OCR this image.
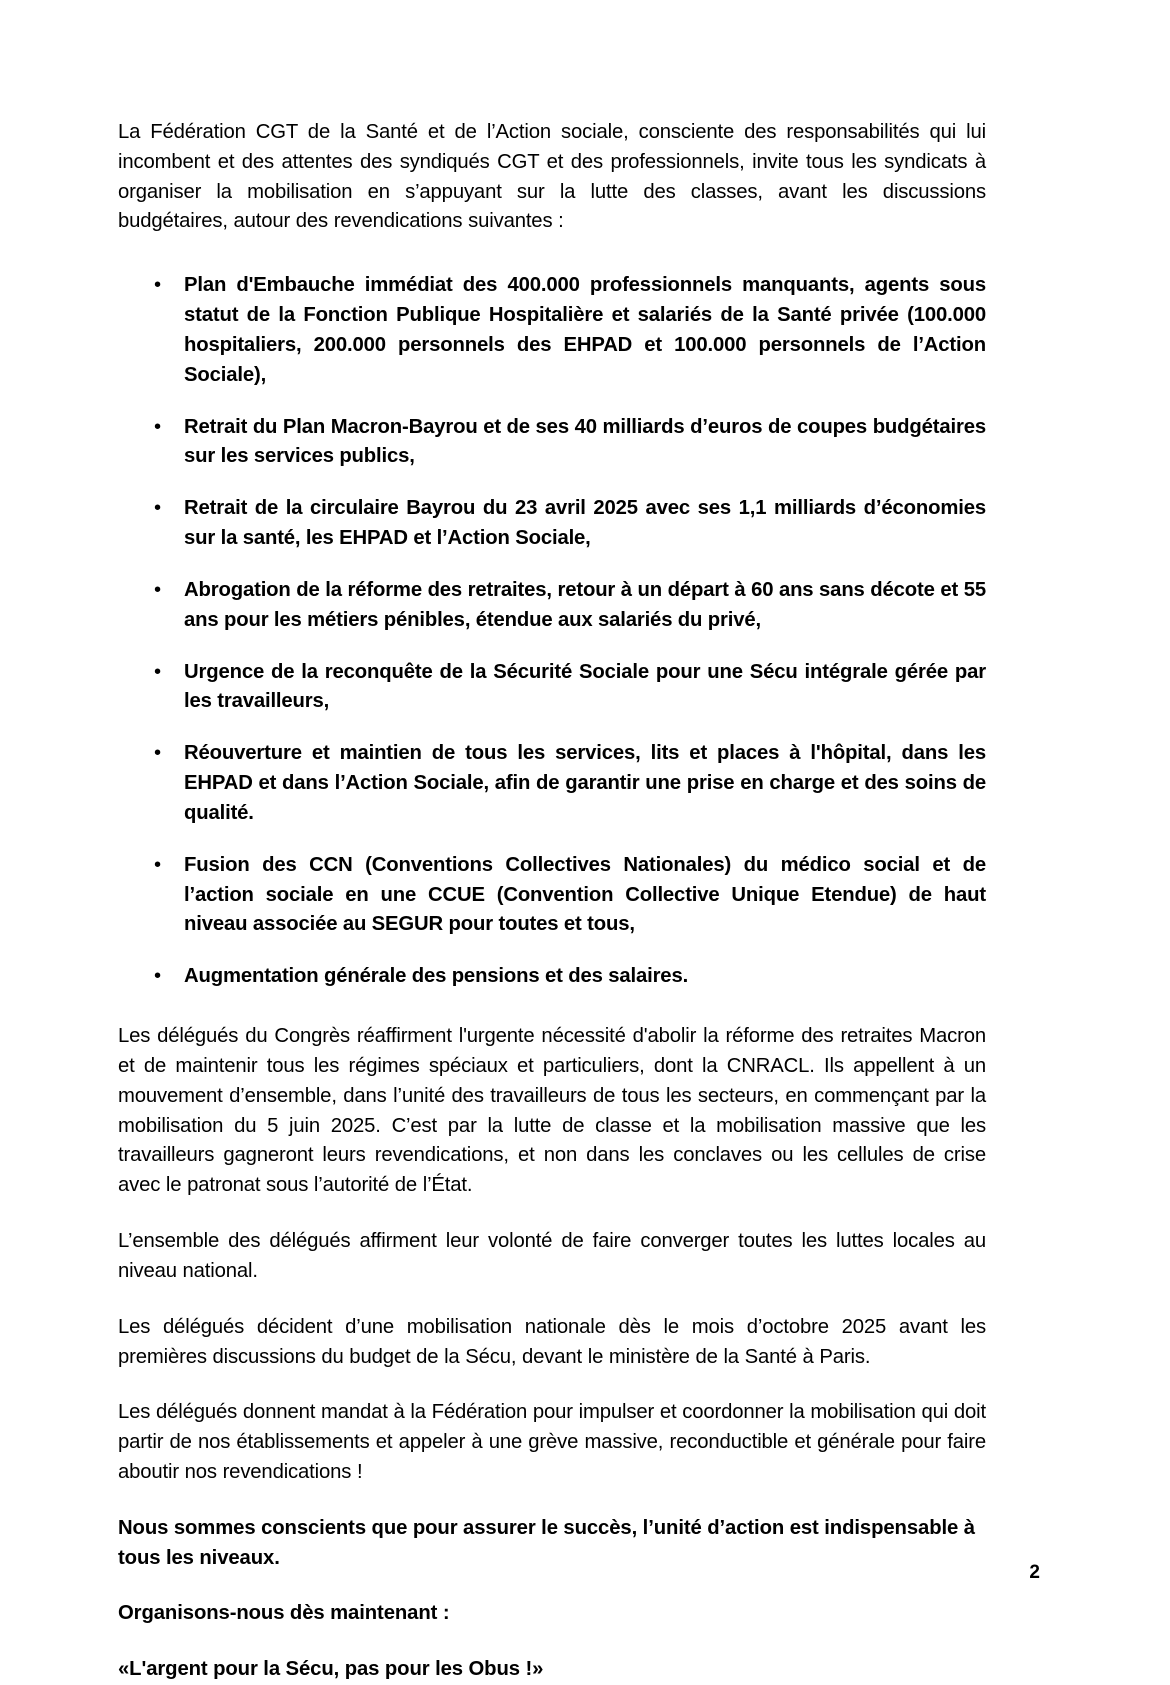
La Fédération CGT de la Santé et de l’Action sociale, consciente des responsabilités qui lui incombent et des attentes des syndiqués CGT et des professionnels, invite tous les syndicats à organiser la mobilisation en s’appuyant sur la lutte des classes, avant les discussions budgétaires, autour des revendications suivantes :

• Plan d'Embauche immédiat des 400.000 professionnels manquants, agents sous statut de la Fonction Publique Hospitalière et salariés de la Santé privée (100.000 hospitaliers, 200.000 personnels des EHPAD et 100.000 personnels de l’Action Sociale),
• Retrait du Plan Macron-Bayrou et de ses 40 milliards d’euros de coupes budgétaires sur les services publics,
• Retrait de la circulaire Bayrou du 23 avril 2025 avec ses 1,1 milliards d’économies sur la santé, les EHPAD et l’Action Sociale,
• Abrogation de la réforme des retraites, retour à un départ à 60 ans sans décote et 55 ans pour les métiers pénibles, étendue aux salariés du privé,
• Urgence de la reconquête de la Sécurité Sociale pour une Sécu intégrale gérée par les travailleurs,
• Réouverture et maintien de tous les services, lits et places à l'hôpital, dans les EHPAD et dans l’Action Sociale, afin de garantir une prise en charge et des soins de qualité.
• Fusion des CCN (Conventions Collectives Nationales) du médico social et de l’action sociale en une CCUE (Convention Collective Unique Etendue) de haut niveau associée au SEGUR pour toutes et tous,
• Augmentation générale des pensions et des salaires.

Les délégués du Congrès réaffirment l'urgente nécessité d'abolir la réforme des retraites Macron et de maintenir tous les régimes spéciaux et particuliers, dont la CNRACL. Ils appellent à un mouvement d’ensemble, dans l’unité des travailleurs de tous les secteurs, en commençant par la mobilisation du 5 juin 2025. C’est par la lutte de classe et la mobilisation massive que les travailleurs gagneront leurs revendications, et non dans les conclaves ou les cellules de crise avec le patronat sous l’autorité de l’État.

L’ensemble des délégués affirment leur volonté de faire converger toutes les luttes locales au niveau national.

Les délégués décident d’une mobilisation nationale dès le mois d’octobre 2025 avant les premières discussions du budget de la Sécu, devant le ministère de la Santé à Paris.

Les délégués donnent mandat à la Fédération pour impulser et coordonner la mobilisation qui doit partir de nos établissements et appeler à une grève massive, reconductible et générale pour faire aboutir nos revendications !

Nous sommes conscients que pour assurer le succès, l’unité d’action est indispensable à tous les niveaux.

Organisons-nous dès maintenant :

«L'argent pour la Sécu, pas pour les Obus !»

2
